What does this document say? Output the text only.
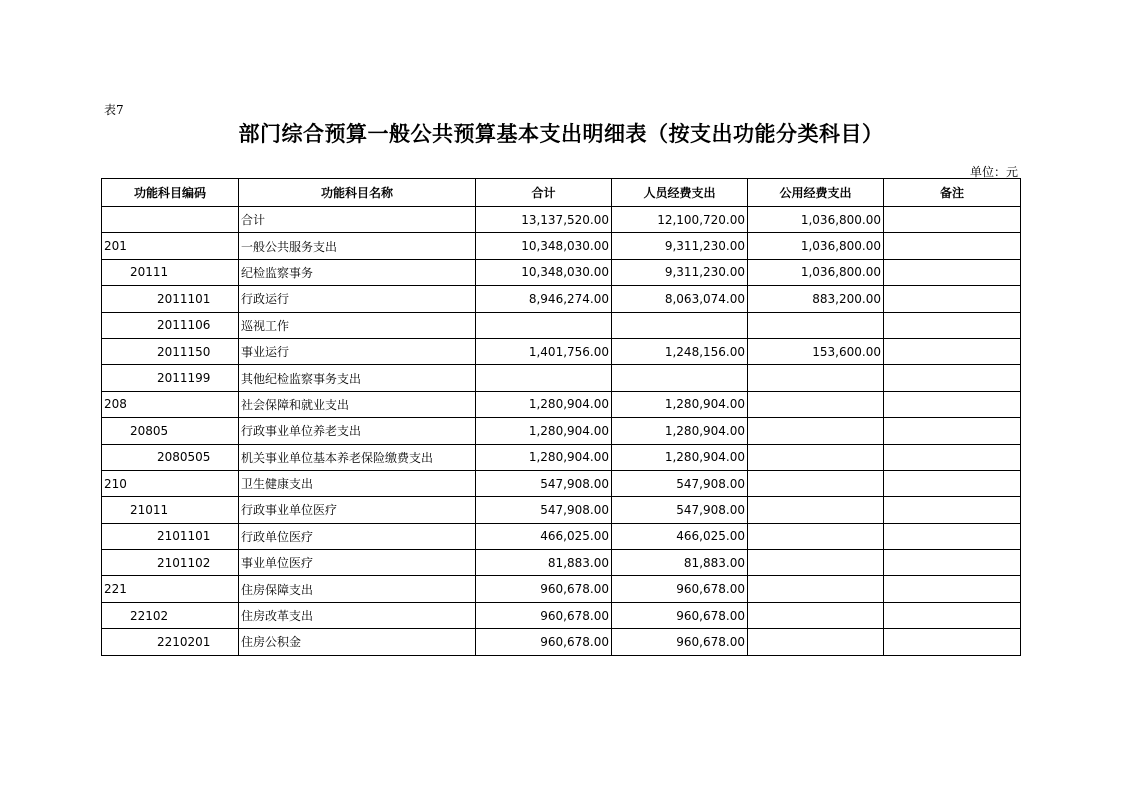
表7
部门综合预算一般公共预算基本支出明细表（按支出功能分类科目）
单位：元
功能科目编码	功能科目名称	合计	人员经费支出	公用经费支出	备注
	合计	13,137,520.00	12,100,720.00	1,036,800.00	
201	一般公共服务支出	10,348,030.00	9,311,230.00	1,036,800.00	
20111	纪检监察事务	10,348,030.00	9,311,230.00	1,036,800.00	
2011101	行政运行	8,946,274.00	8,063,074.00	883,200.00	
2011106	巡视工作				
2011150	事业运行	1,401,756.00	1,248,156.00	153,600.00	
2011199	其他纪检监察事务支出				
208	社会保障和就业支出	1,280,904.00	1,280,904.00		
20805	行政事业单位养老支出	1,280,904.00	1,280,904.00		
2080505	机关事业单位基本养老保险缴费支出	1,280,904.00	1,280,904.00		
210	卫生健康支出	547,908.00	547,908.00		
21011	行政事业单位医疗	547,908.00	547,908.00		
2101101	行政单位医疗	466,025.00	466,025.00		
2101102	事业单位医疗	81,883.00	81,883.00		
221	住房保障支出	960,678.00	960,678.00		
22102	住房改革支出	960,678.00	960,678.00		
2210201	住房公积金	960,678.00	960,678.00		
